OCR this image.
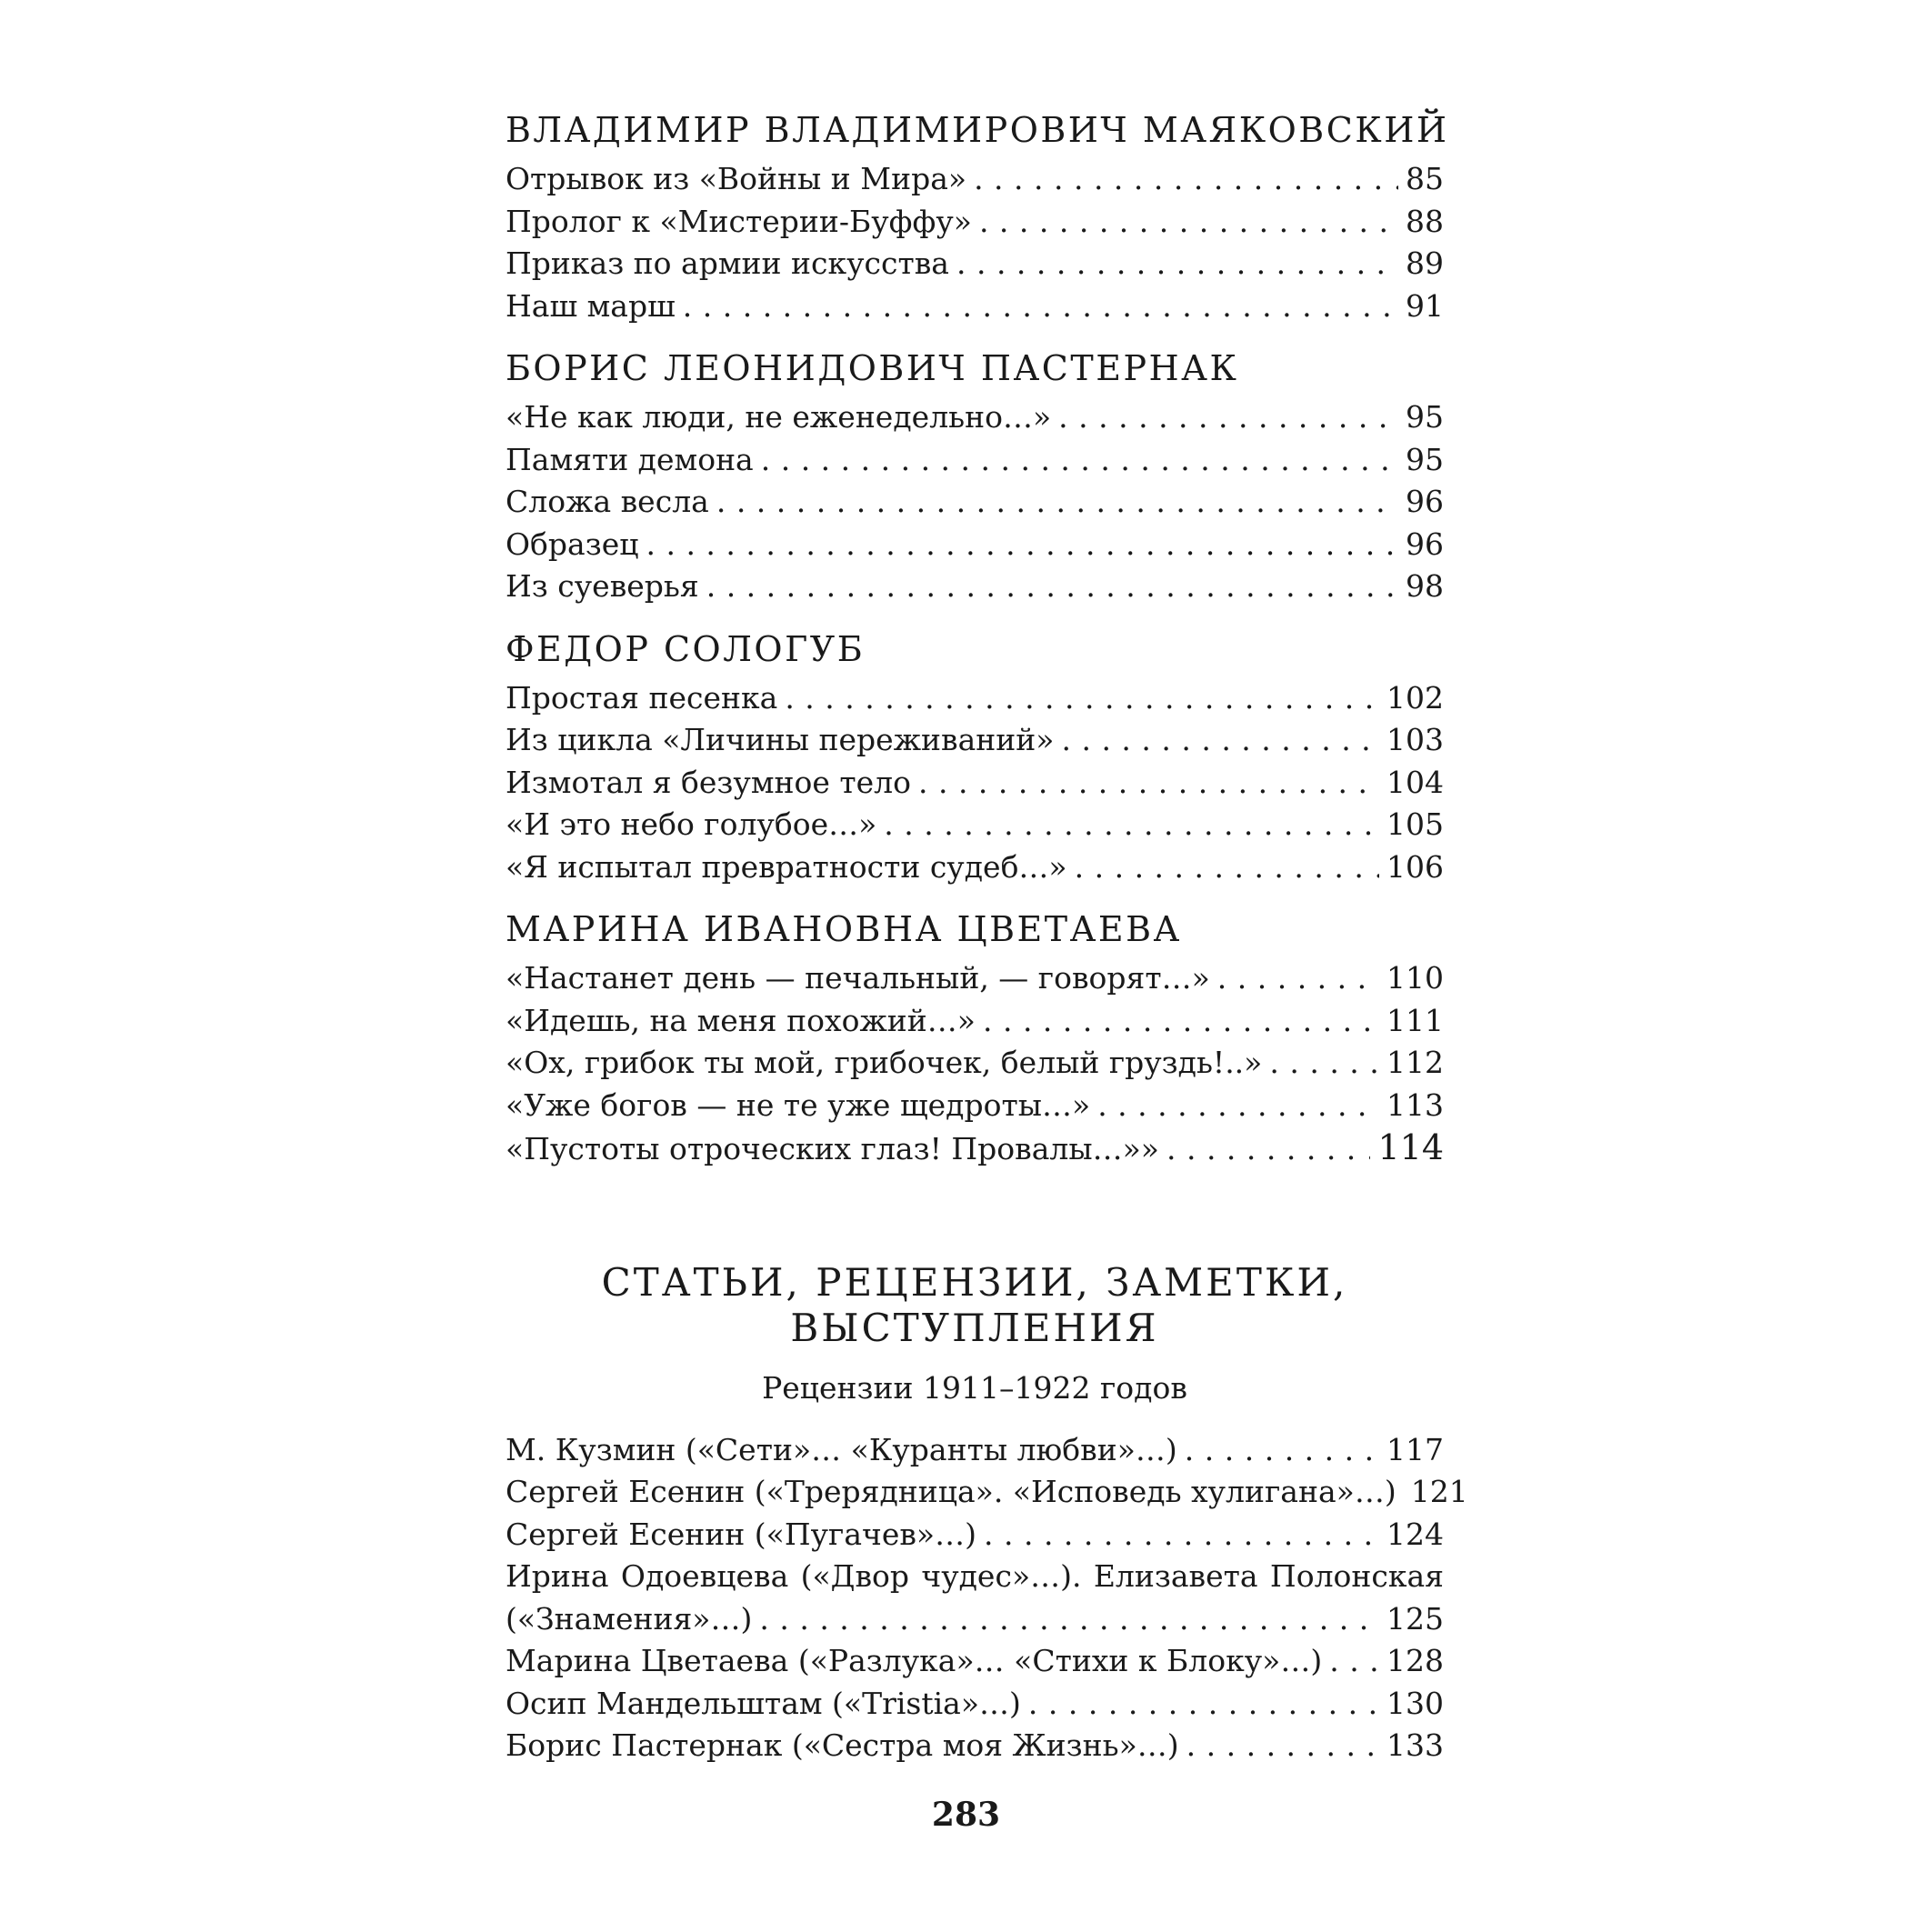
ВЛАДИМИР ВЛАДИМИРОВИЧ МАЯКОВСКИЙ
Отрывок из «Войны и Мира» . . .	85
Пролог к «Мистерии-Буффу» . . .	88
Приказ по армии искусства . . .	89
Наш марш . . .	91
БОРИС ЛЕОНИДОВИЧ ПАСТЕРНАК
«Не как люди, не еженедельно…» . . .	95
Памяти демона . . .	95
Сложа весла . . .	96
Образец . . .	96
Из суеверья . . .	98
ФЕДОР СОЛОГУБ
Простая песенка . . .	102
Из цикла «Личины переживаний» . . .	103
Измотал я безумное тело . . .	104
«И это небо голубое…» . . .	105
«Я испытал превратности судеб…» . . .	106
МАРИНА ИВАНОВНА ЦВЕТАЕВА
«Настанет день — печальный, — говорят…» . . .	110
«Идешь, на меня похожий…» . . .	111
«Ох, грибок ты мой, грибочек, белый груздь!..» . . .	112
«Уже богов — не те уже щедроты…» . . .	113
«Пустоты отроческих глаз! Провалы…»» . . .	114
СТАТЬИ, РЕЦЕНЗИИ, ЗАМЕТКИ,
ВЫСТУПЛЕНИЯ
Рецензии 1911–1922 годов
М. Кузмин («Сети»… «Куранты любви»…) . . .	117
Сергей Есенин («Трерядница». «Исповедь хулигана»…) 121
Сергей Есенин («Пугачев»…) . . .	124
Ирина Одоевцева («Двор чудес»…). Елизавета Полонская
(«Знамения»…) . . .	125
Марина Цветаева («Разлука»… «Стихи к Блоку»…) . . . 128
Осип Мандельштам («Tristia»…) . . .	130
Борис Пастернак («Сестра моя Жизнь»…) . . .	133
283
